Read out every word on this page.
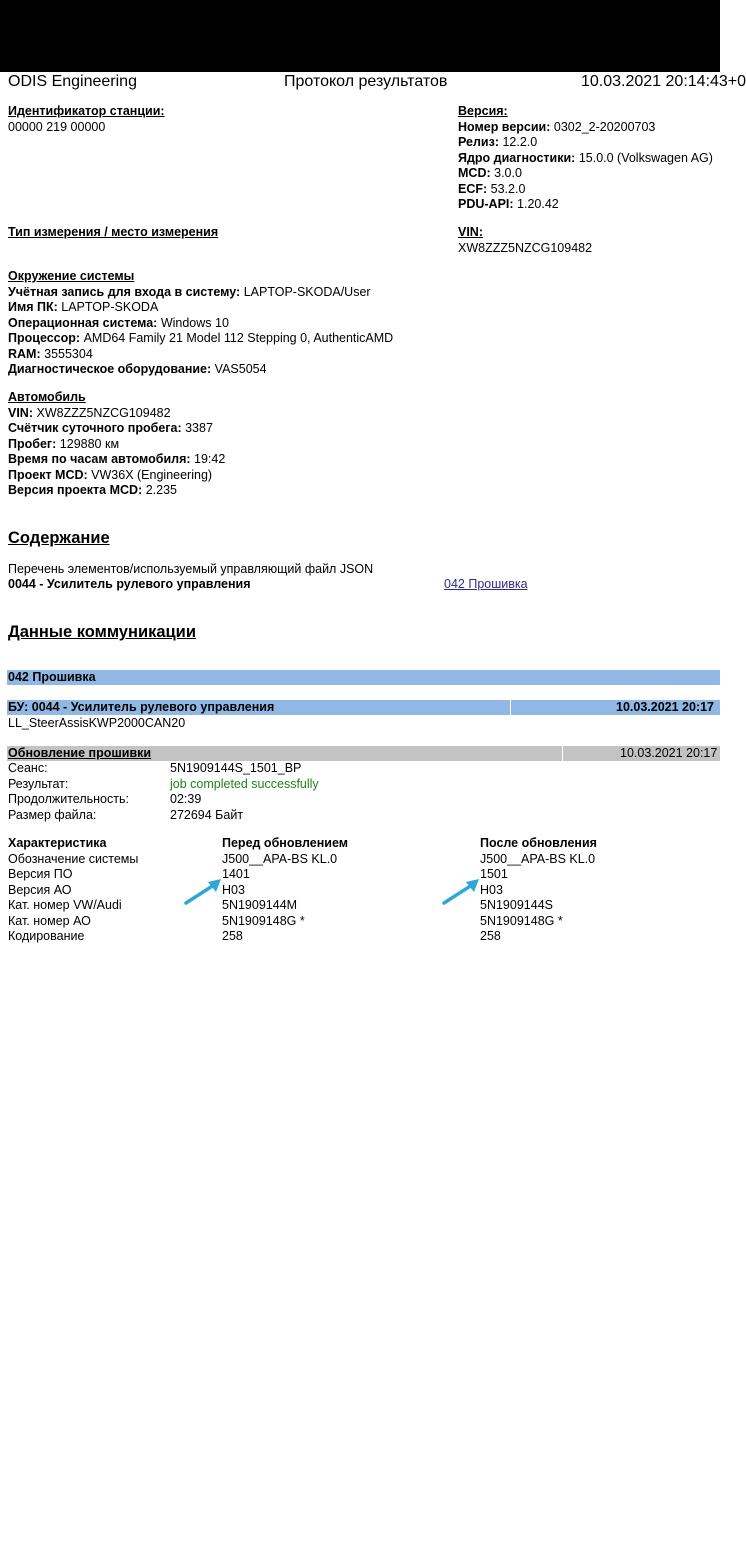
ODIS Engineering	Протокол результатов	10.03.2021 20:14:43+0
Идентификатор станции:
00000 219 00000
Версия:
Номер версии: 0302_2-20200703
Релиз: 12.2.0
Ядро диагностики: 15.0.0 (Volkswagen AG)
MCD: 3.0.0
ECF: 53.2.0
PDU-API: 1.20.42
Тип измерения / место измерения	VIN:
XW8ZZZ5NZCG109482
Окружение системы
Учётная запись для входа в систему: LAPTOP-SKODA/User
Имя ПК: LAPTOP-SKODA
Операционная система: Windows 10
Процессор: AMD64 Family 21 Model 112 Stepping 0, AuthenticAMD
RAM: 3555304
Диагностическое оборудование: VAS5054
Автомобиль
VIN: XW8ZZZ5NZCG109482
Счётчик суточного пробега: 3387
Пробег: 129880 км
Время по часам автомобиля: 19:42
Проект MCD: VW36X (Engineering)
Версия проекта MCD: 2.235
Содержание
Перечень элементов/используемый управляющий файл JSON
0044 - Усилитель рулевого управления	042 Прошивка
Данные коммуникации
042 Прошивка
БУ: 0044 - Усилитель рулевого управления	10.03.2021 20:17
LL_SteerAssisKWP2000CAN20
Обновление прошивки	10.03.2021 20:17
Сеанс:	5N1909144S_1501_BP
Результат:	job completed successfully
Продолжительность:	02:39
Размер файла:	272694 Байт
Характеристика	Перед обновлением	После обновления
Обозначение системы	J500__APA-BS KL.0	J500__APA-BS KL.0
Версия ПО	1401	1501
Версия АО	H03	H03
Кат. номер VW/Audi	5N1909144M	5N1909144S
Кат. номер АО	5N1909148G *	5N1909148G *
Кодирование	258	258
